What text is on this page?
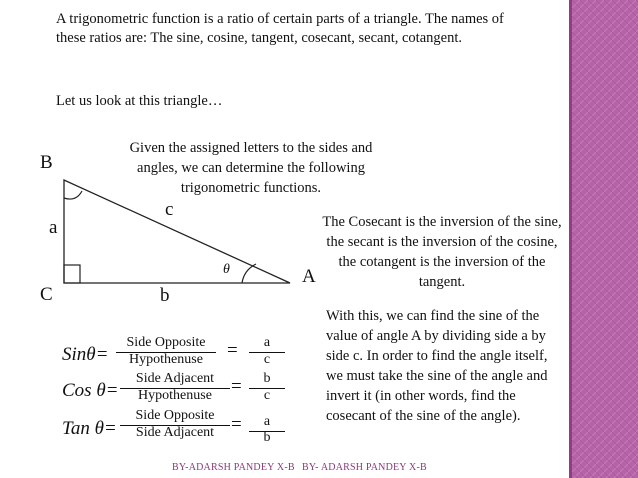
A trigonometric function is a ratio of certain parts of a triangle. The names of these ratios are: The sine, cosine, tangent, cosecant, secant, cotangent.
Let us look at this triangle…
Given the assigned letters to the sides and angles, we can determine the following trigonometric functions.
B
C
A
a
c
b
θ
The Cosecant is the inversion of the sine, the secant is the inversion of the cosine, the cotangent is the inversion of the tangent.
With this, we can find the sine of the value of angle A by dividing side a by side c. In order to find the angle itself, we must take the sine of the angle and invert it (in other words, find the cosecant of the sine of the angle).
Sinθ=
Side Opposite
Hypothenuse	=	a
c
Cos θ=
Side Adjacent
Hypothenuse	=	b
c
Tan θ=
Side Opposite
Side Adjacent =	a
b
BY-ADARSH PANDEY X-B BY- ADARSH PANDEY X-B
